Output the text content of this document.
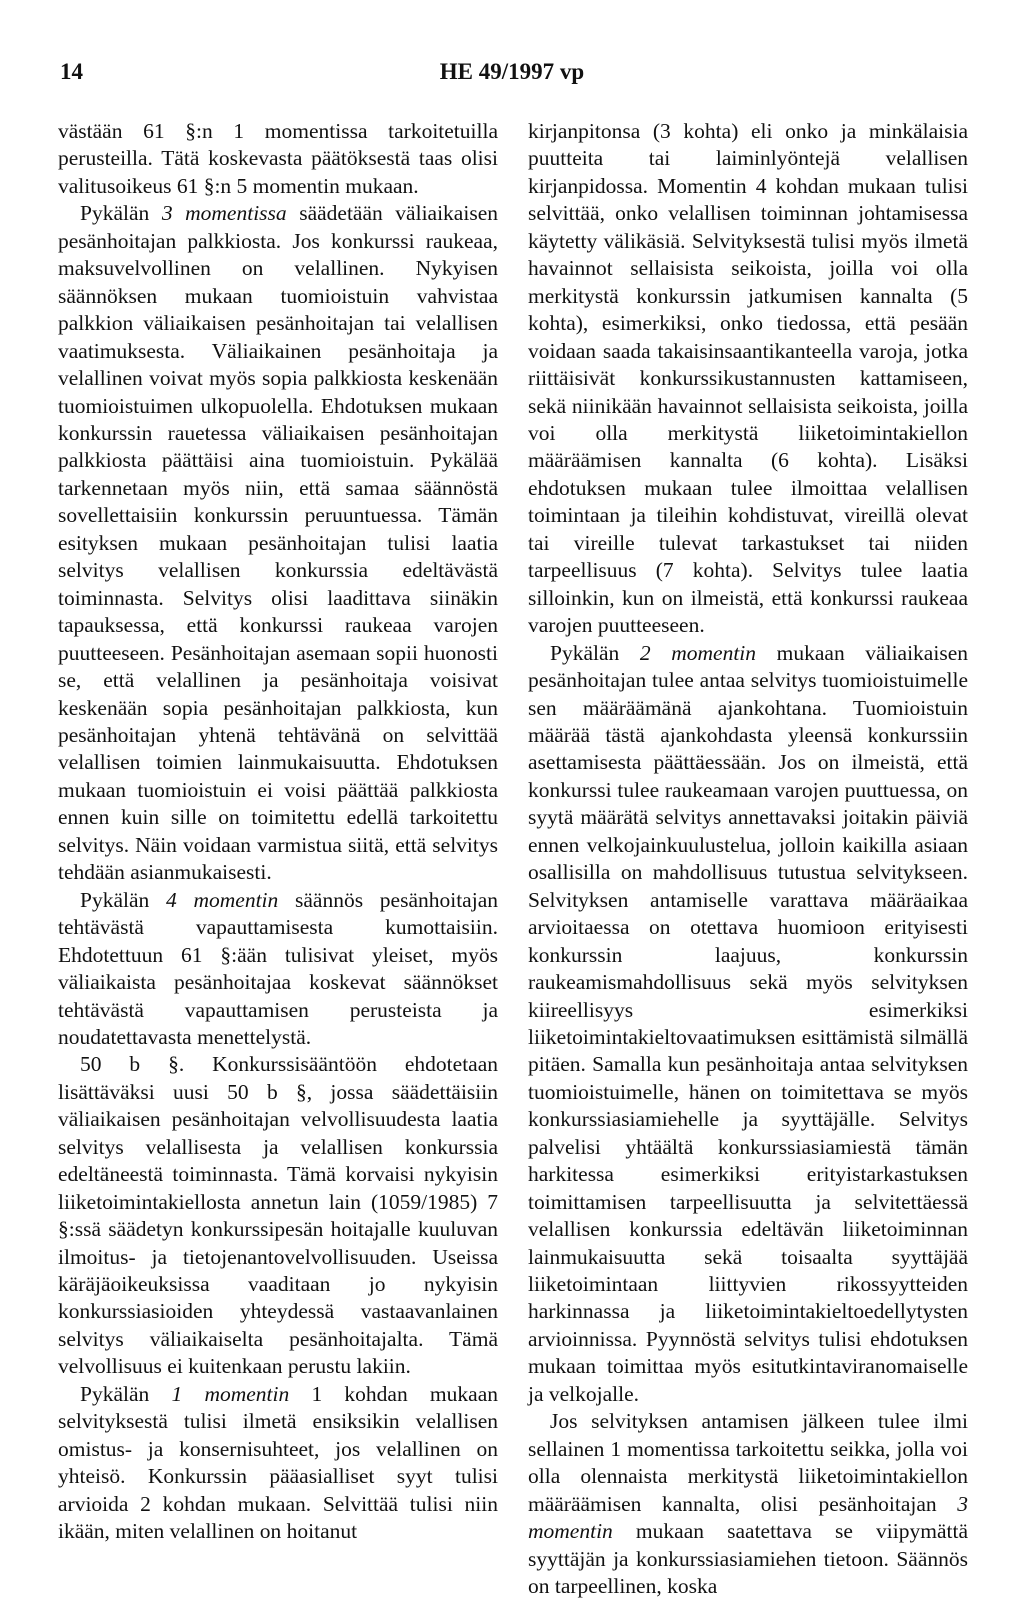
14	HE 49/1997 vp

västään 61 §:n 1 momentissa tarkoitetuilla perusteilla. Tätä koskevasta päätöksestä taas olisi valitusoikeus 61 §:n 5 momentin mukaan.

Pykälän 3 momentissa säädetään väliaikaisen pesänhoitajan palkkiosta. Jos konkurssi raukeaa, maksuvelvollinen on velallinen. Nykyisen säännöksen mukaan tuomioistuin vahvistaa palkkion väliaikaisen pesänhoitajan tai velallisen vaatimuksesta. Väliaikainen pesänhoitaja ja velallinen voivat myös sopia palkkiosta keskenään tuomioistuimen ulkopuolella. Ehdotuksen mukaan konkurssin rauetessa väliaikaisen pesänhoitajan palkkiosta päättäisi aina tuomioistuin. Pykälää tarkennetaan myös niin, että samaa säännöstä sovellettaisiin konkurssin peruuntuessa. Tämän esityksen mukaan pesänhoitajan tulisi laatia selvitys velallisen konkurssia edeltävästä toiminnasta. Selvitys olisi laadittava siinäkin tapauksessa, että konkurssi raukeaa varojen puutteeseen. Pesänhoitajan asemaan sopii huonosti se, että velallinen ja pesänhoitaja voisivat keskenään sopia pesänhoitajan palkkiosta, kun pesänhoitajan yhtenä tehtävänä on selvittää velallisen toimien lainmukaisuutta. Ehdotuksen mukaan tuomioistuin ei voisi päättää palkkiosta ennen kuin sille on toimitettu edellä tarkoitettu selvitys. Näin voidaan varmistua siitä, että selvitys tehdään asianmukaisesti.

Pykälän 4 momentin säännös pesänhoitajan tehtävästä vapauttamisesta kumottaisiin. Ehdotettuun 61 §:ään tulisivat yleiset, myös väliaikaista pesänhoitajaa koskevat säännökset tehtävästä vapauttamisen perusteista ja noudatettavasta menettelystä.

50 b §. Konkurssisääntöön ehdotetaan lisättäväksi uusi 50 b §, jossa säädettäisiin väliaikaisen pesänhoitajan velvollisuudesta laatia selvitys velallisesta ja velallisen konkurssia edeltäneestä toiminnasta. Tämä korvaisi nykyisin liiketoimintakiellosta annetun lain (1059/1985) 7 §:ssä säädetyn konkurssipesän hoitajalle kuuluvan ilmoitus- ja tietojenantovelvollisuuden. Useissa käräjäoikeuksissa vaaditaan jo nykyisin konkurssiasioiden yhteydessä vastaavanlainen selvitys väliaikaiselta pesänhoitajalta. Tämä velvollisuus ei kuitenkaan perustu lakiin.

Pykälän 1 momentin 1 kohdan mukaan selvityksestä tulisi ilmetä ensiksikin velallisen omistus- ja konsernisuhteet, jos velallinen on yhteisö. Konkurssin pääasialliset syyt tulisi arvioida 2 kohdan mukaan. Selvittää tulisi niin ikään, miten velallinen on hoitanut

kirjanpitonsa (3 kohta) eli onko ja minkälaisia puutteita tai laiminlyöntejä velallisen kirjanpidossa. Momentin 4 kohdan mukaan tulisi selvittää, onko velallisen toiminnan johtamisessa käytetty välikäsiä. Selvityksestä tulisi myös ilmetä havainnot sellaisista seikoista, joilla voi olla merkitystä konkurssin jatkumisen kannalta (5 kohta), esimerkiksi, onko tiedossa, että pesään voidaan saada takaisinsaantikanteella varoja, jotka riittäisivät konkurssikustannusten kattamiseen, sekä niinikään havainnot sellaisista seikoista, joilla voi olla merkitystä liiketoimintakiellon määräämisen kannalta (6 kohta). Lisäksi ehdotuksen mukaan tulee ilmoittaa velallisen toimintaan ja tileihin kohdistuvat, vireillä olevat tai vireille tulevat tarkastukset tai niiden tarpeellisuus (7 kohta). Selvitys tulee laatia silloinkin, kun on ilmeistä, että konkurssi raukeaa varojen puutteeseen.

Pykälän 2 momentin mukaan väliaikaisen pesänhoitajan tulee antaa selvitys tuomioistuimelle sen määräämänä ajankohtana. Tuomioistuin määrää tästä ajankohdasta yleensä konkurssiin asettamisesta päättäessään. Jos on ilmeistä, että konkurssi tulee raukeamaan varojen puuttuessa, on syytä määrätä selvitys annettavaksi joitakin päiviä ennen velkojainkuulustelua, jolloin kaikilla asiaan osallisilla on mahdollisuus tutustua selvitykseen. Selvityksen antamiselle varattava määräaikaa arvioitaessa on otettava huomioon erityisesti konkurssin laajuus, konkurssin raukeamismahdollisuus sekä myös selvityksen kiireellisyys esimerkiksi liiketoimintakieltovaatimuksen esittämistä silmällä pitäen. Samalla kun pesänhoitaja antaa selvityksen tuomioistuimelle, hänen on toimitettava se myös konkurssiasiamiehelle ja syyttäjälle. Selvitys palvelisi yhtäältä konkurssiasiamiestä tämän harkitessa esimerkiksi erityistarkastuksen toimittamisen tarpeellisuutta ja selvitettäessä velallisen konkurssia edeltävän liiketoiminnan lainmukaisuutta sekä toisaalta syyttäjää liiketoimintaan liittyvien rikossyytteiden harkinnassa ja liiketoimintakieltoedellytysten arvioinnissa. Pyynnöstä selvitys tulisi ehdotuksen mukaan toimittaa myös esitutkintaviranomaiselle ja velkojalle.

Jos selvityksen antamisen jälkeen tulee ilmi sellainen 1 momentissa tarkoitettu seikka, jolla voi olla olennaista merkitystä liiketoimintakiellon määräämisen kannalta, olisi pesänhoitajan 3 momentin mukaan saatettava se viipymättä syyttäjän ja konkurssiasiamiehen tietoon. Säännös on tarpeellinen, koska
